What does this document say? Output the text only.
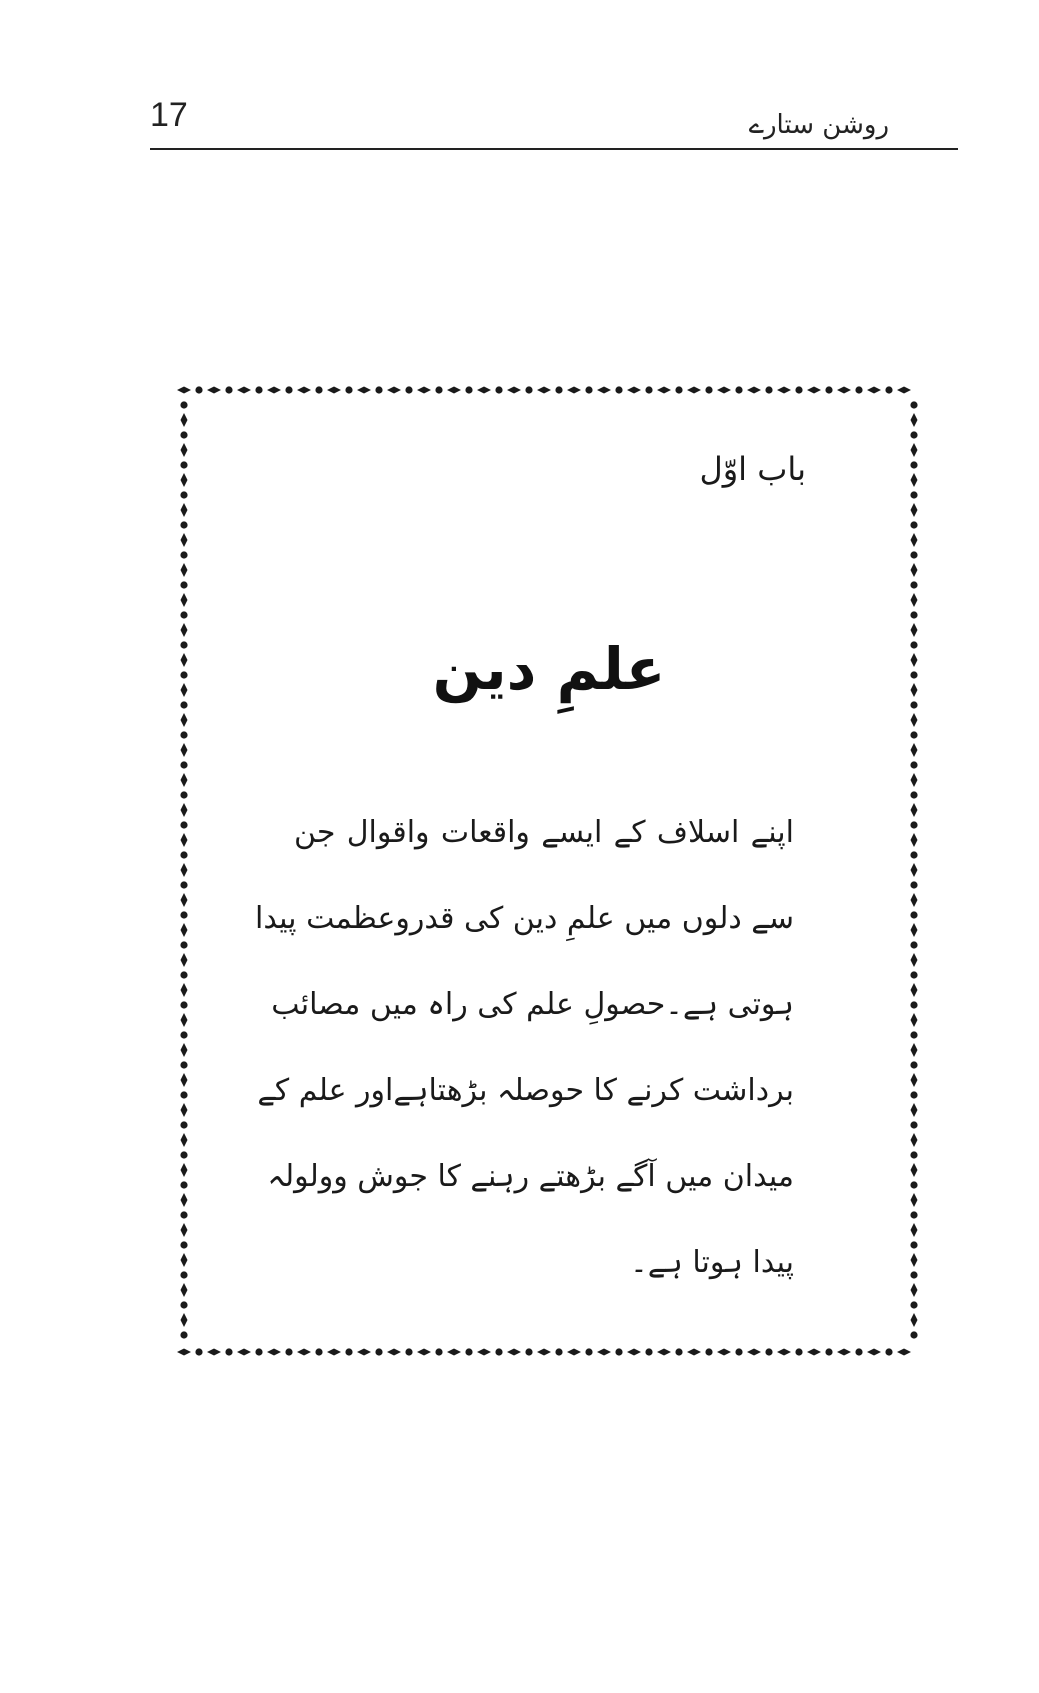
17	روشن ستارے
باب اوّل
علمِ دین
اپنے اسلاف کے ایسے واقعات واقوال جن
سے دلوں میں علمِ دین کی قدروعظمت پیدا
ہوتی ہے۔حصولِ علم کی راہ میں مصائب
برداشت کرنے کا حوصلہ بڑھتاہےاور علم کے
میدان میں آگے بڑھتے رہنے کا جوش وولولہ
پیدا ہوتا ہے۔
